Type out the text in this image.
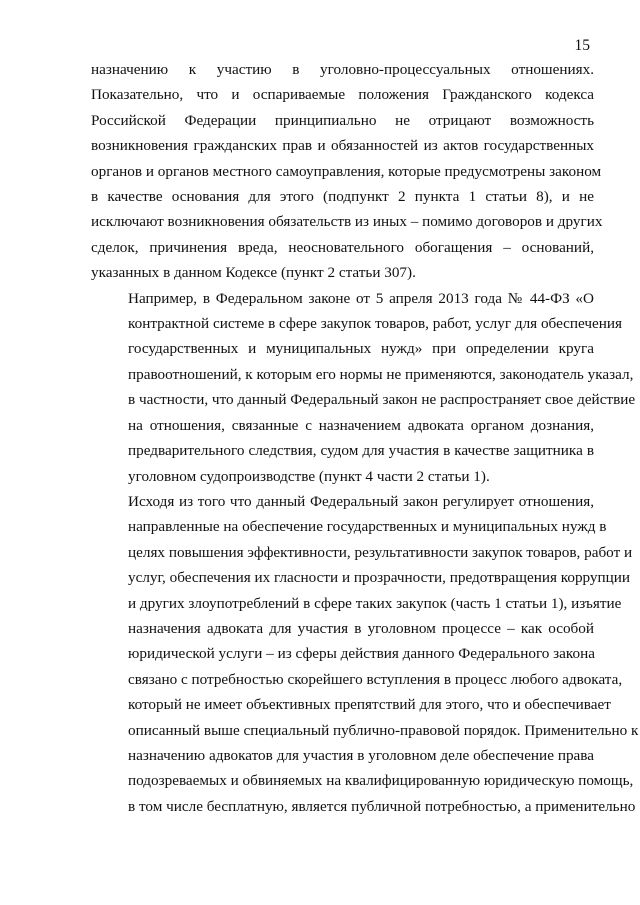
15

назначению к участию в уголовно-процессуальных отношениях.
Показательно, что и оспариваемые положения Гражданского кодекса
Российской Федерации принципиально не отрицают возможность
возникновения гражданских прав и обязанностей из актов государственных
органов и органов местного самоуправления, которые предусмотрены законом
в качестве основания для этого (подпункт 2 пункта 1 статьи 8), и не
исключают возникновения обязательств из иных – помимо договоров и других
сделок, причинения вреда, неосновательного обогащения – оснований,
указанных в данном Кодексе (пункт 2 статьи 307).

Например, в Федеральном законе от 5 апреля 2013 года № 44-ФЗ «О
контрактной системе в сфере закупок товаров, работ, услуг для обеспечения
государственных и муниципальных нужд» при определении круга
правоотношений, к которым его нормы не применяются, законодатель указал,
в частности, что данный Федеральный закон не распространяет свое действие
на отношения, связанные с назначением адвоката органом дознания,
предварительного следствия, судом для участия в качестве защитника в
уголовном судопроизводстве (пункт 4 части 2 статьи 1).

Исходя из того что данный Федеральный закон регулирует отношения,
направленные на обеспечение государственных и муниципальных нужд в
целях повышения эффективности, результативности закупок товаров, работ и
услуг, обеспечения их гласности и прозрачности, предотвращения коррупции
и других злоупотреблений в сфере таких закупок (часть 1 статьи 1), изъятие
назначения адвоката для участия в уголовном процессе – как особой
юридической услуги – из сферы действия данного Федерального закона
связано с потребностью скорейшего вступления в процесс любого адвоката,
который не имеет объективных препятствий для этого, что и обеспечивает
описанный выше специальный публично-правовой порядок. Применительно к
назначению адвокатов для участия в уголовном деле обеспечение права
подозреваемых и обвиняемых на квалифицированную юридическую помощь,
в том числе бесплатную, является публичной потребностью, а применительно
